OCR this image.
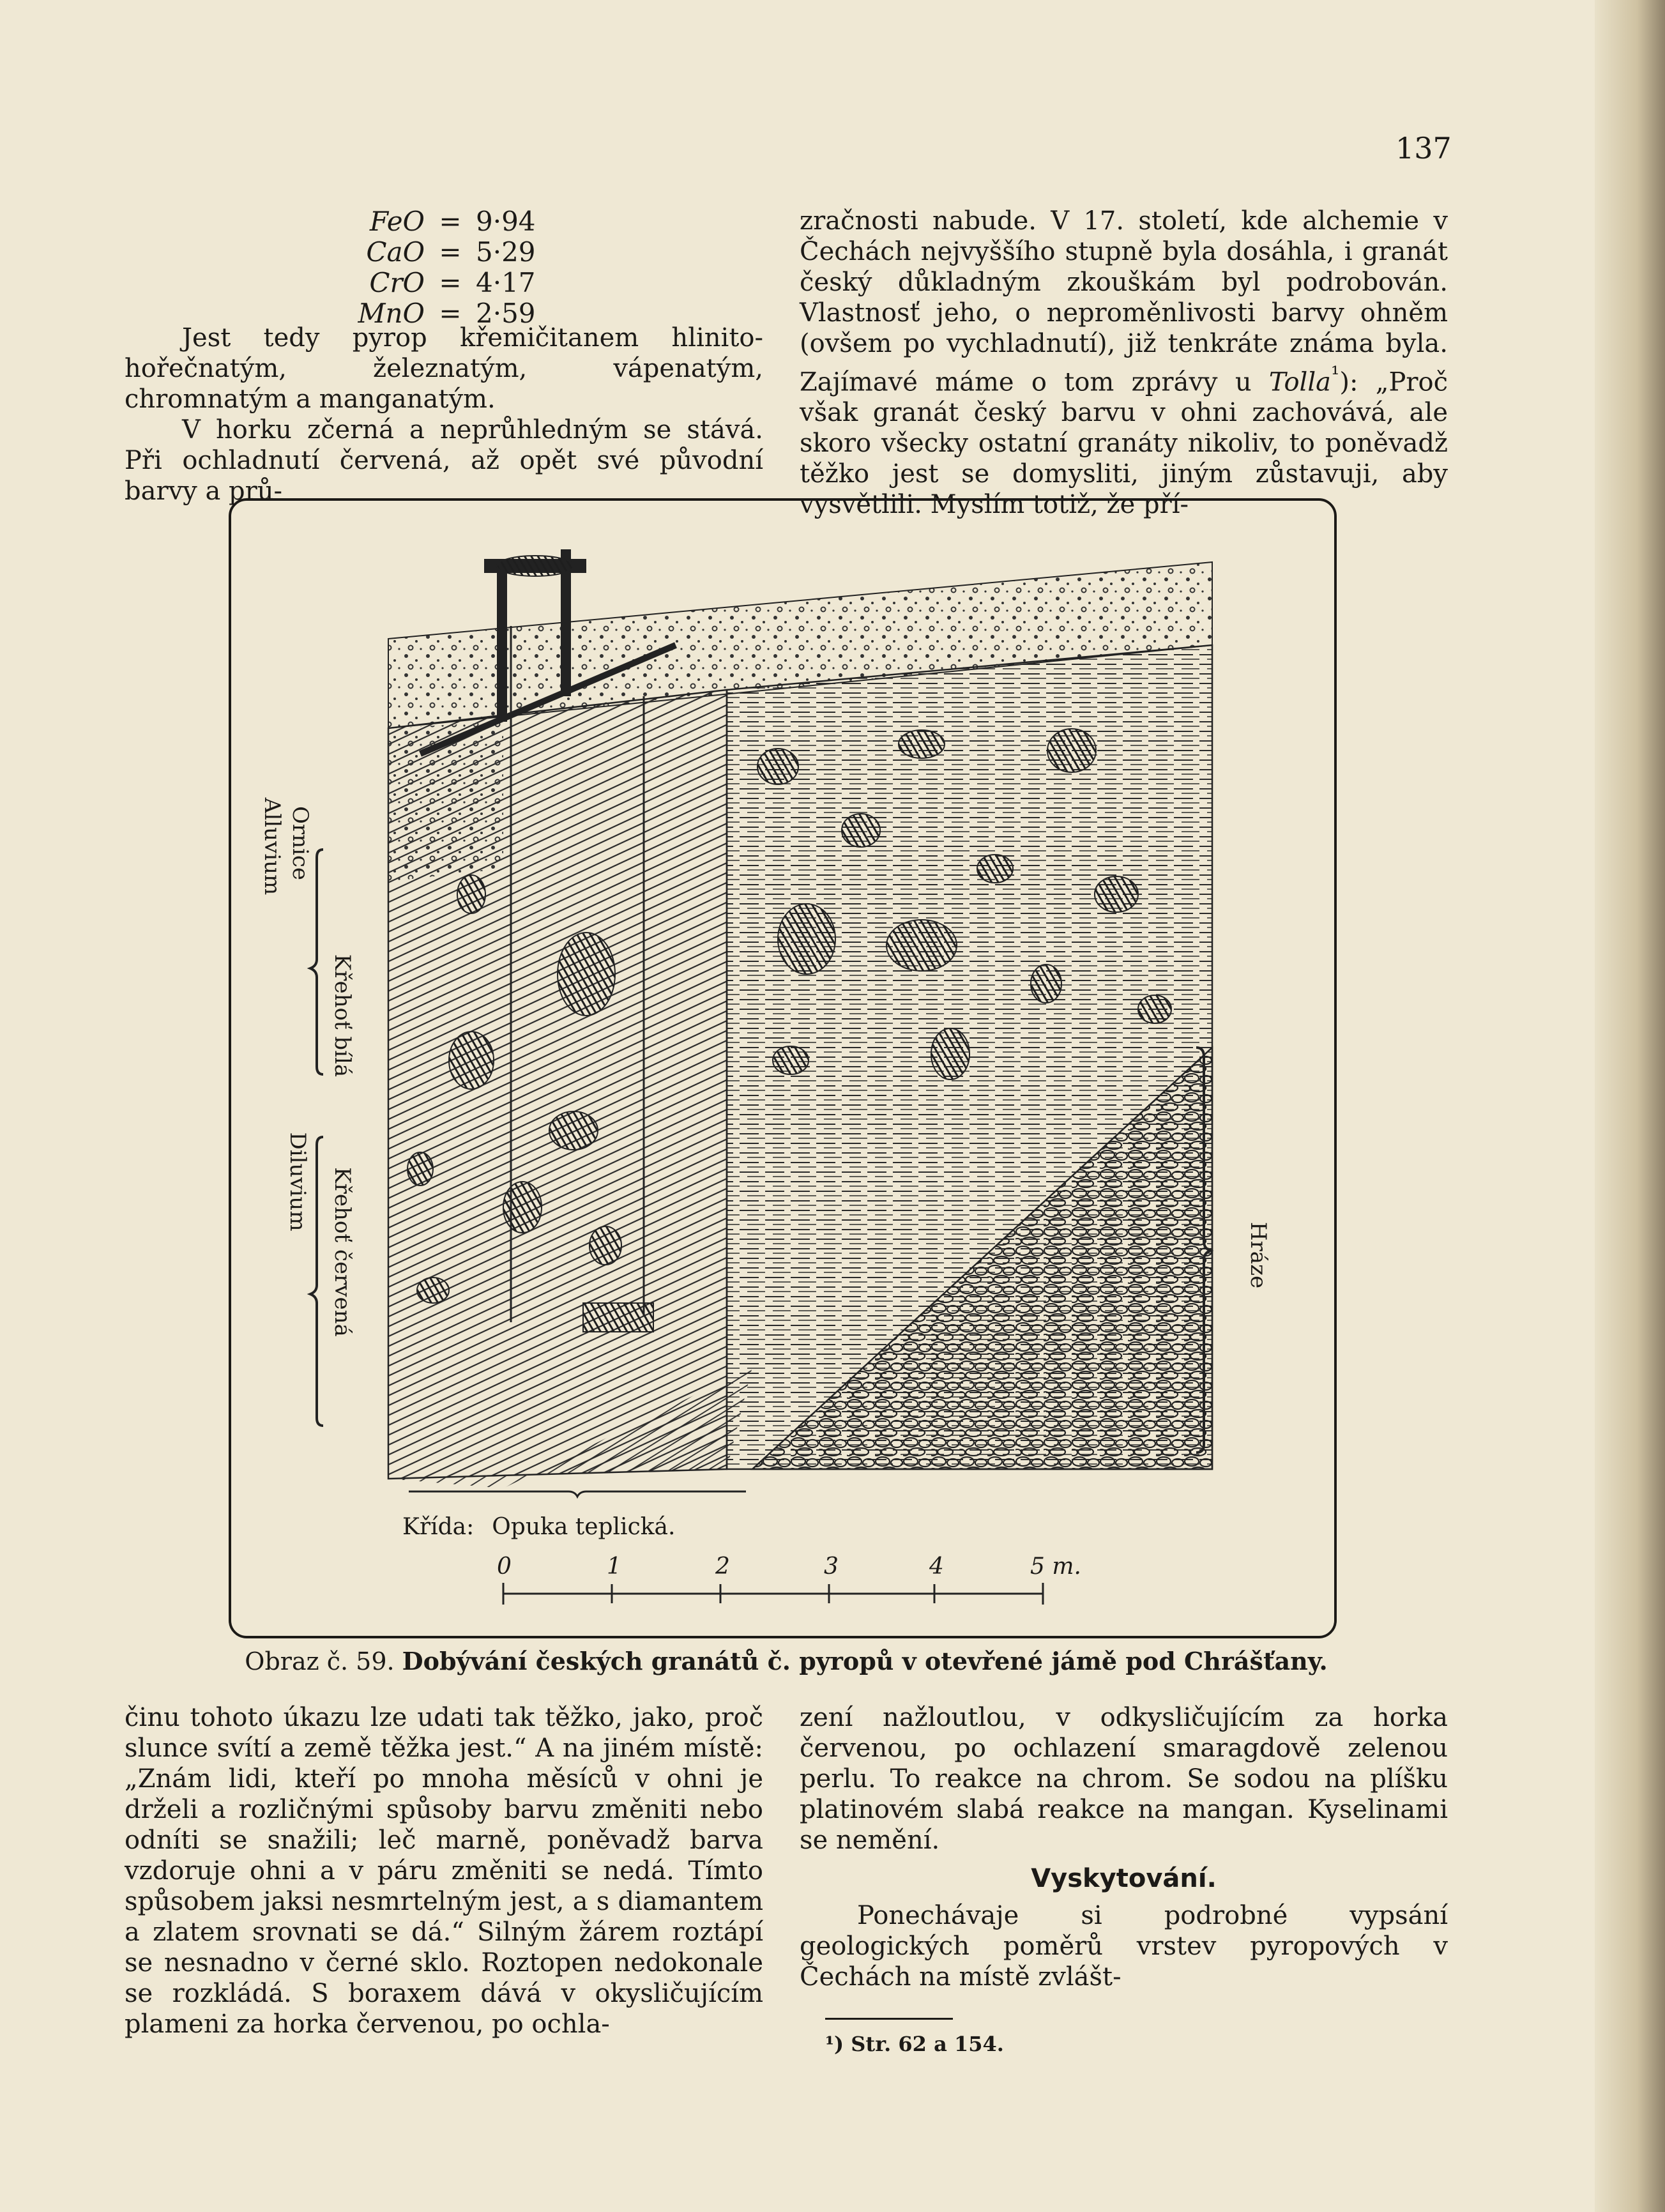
137
FeO = 9·94
CaO = 5·29
CrO = 4·17
MnO = 2·59

Jest tedy pyrop křemičitanem hlinito-hořečnatým, železnatým, vápenatým, chromnatým a manganatým.

V horku zčerná a neprůhledným se stává. Při ochladnutí červená, až opět své původní barvy a prů-

zračnosti nabude. V 17. století, kde alchemie v Čechách nejvyššího stupně byla dosáhla, i granát český důkladným zkouškám byl podrobován. Vlastnosť jeho, o neproměnlivosti barvy ohněm (ovšem po vychladnutí), již tenkráte známa byla. Zajímavé máme o tom zprávy u Tolla$^{^1}$): „Proč však granát český barvu v ohni zachovává, ale skoro všecky ostatní granáty nikoliv, to poněvadž těžko jest se domysliti, jiným zůstavuji, aby vysvětlili. Myslím totiž, že pří-

Ornice
Alluvium
Křehoť bílá
Diluvium Křehoť červená	Hráze
Křída: Opuka teplická.
0	1	2	3	4	5 m.
Obraz č. 59. Dobývání českých granátů č. pyropů v otevřené jámě pod Chrášťany.

činu tohoto úkazu lze udati tak těžko, jako, proč slunce svítí a země těžka jest.“ A na jiném místě: „Znám lidi, kteří po mnoha měsíců v ohni je drželi a rozličnými spůsoby barvu změniti nebo odníti se snažili; leč marně, poněvadž barva vzdoruje ohni a v páru změniti se nedá. Tímto spůsobem jaksi nesmrtelným jest, a s diamantem a zlatem srovnati se dá.“ Silným žárem roztápí se nesnadno v černé sklo. Roztopen nedokonale se rozkládá. S boraxem dává v okysličujícím plameni za horka červenou, po ochla-

zení nažloutlou, v odkysličujícím za horka červenou, po ochlazení smaragdově zelenou perlu. To reakce na chrom. Se sodou na plíšku platinovém slabá reakce na mangan. Kyselinami se nemění.

Vyskytování.

Ponechávaje si podrobné vypsání geologických poměrů vrstev pyropových v Čechách na místě zvlášt-

¹) Str. 62 a 154.
